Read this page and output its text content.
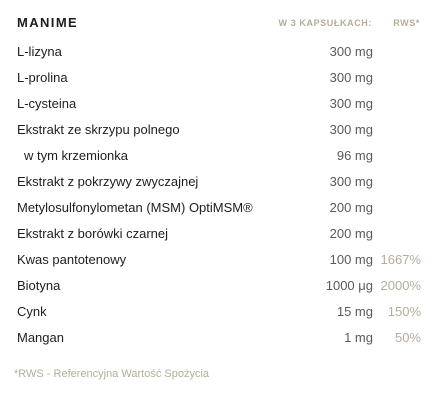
MANIME	W 3 KAPSUŁKACH: RWS*
L-lizyna	300 mg
L-prolina	300 mg
L-cysteina	300 mg
Ekstrakt ze skrzypu polnego	300 mg
w tym krzemionka	96 mg
Ekstrakt z pokrzywy zwyczajnej	300 mg
Metylosulfonylometan (MSM) OptiMSM®	200 mg
Ekstrakt z borówki czarnej	200 mg
Kwas pantotenowy	100 mg 1667%
Biotyna	1000 μg 2000%
Cynk	15 mg 150%
Mangan	1 mg 50%
*RWS - Referencyjna Wartość Spożycia
